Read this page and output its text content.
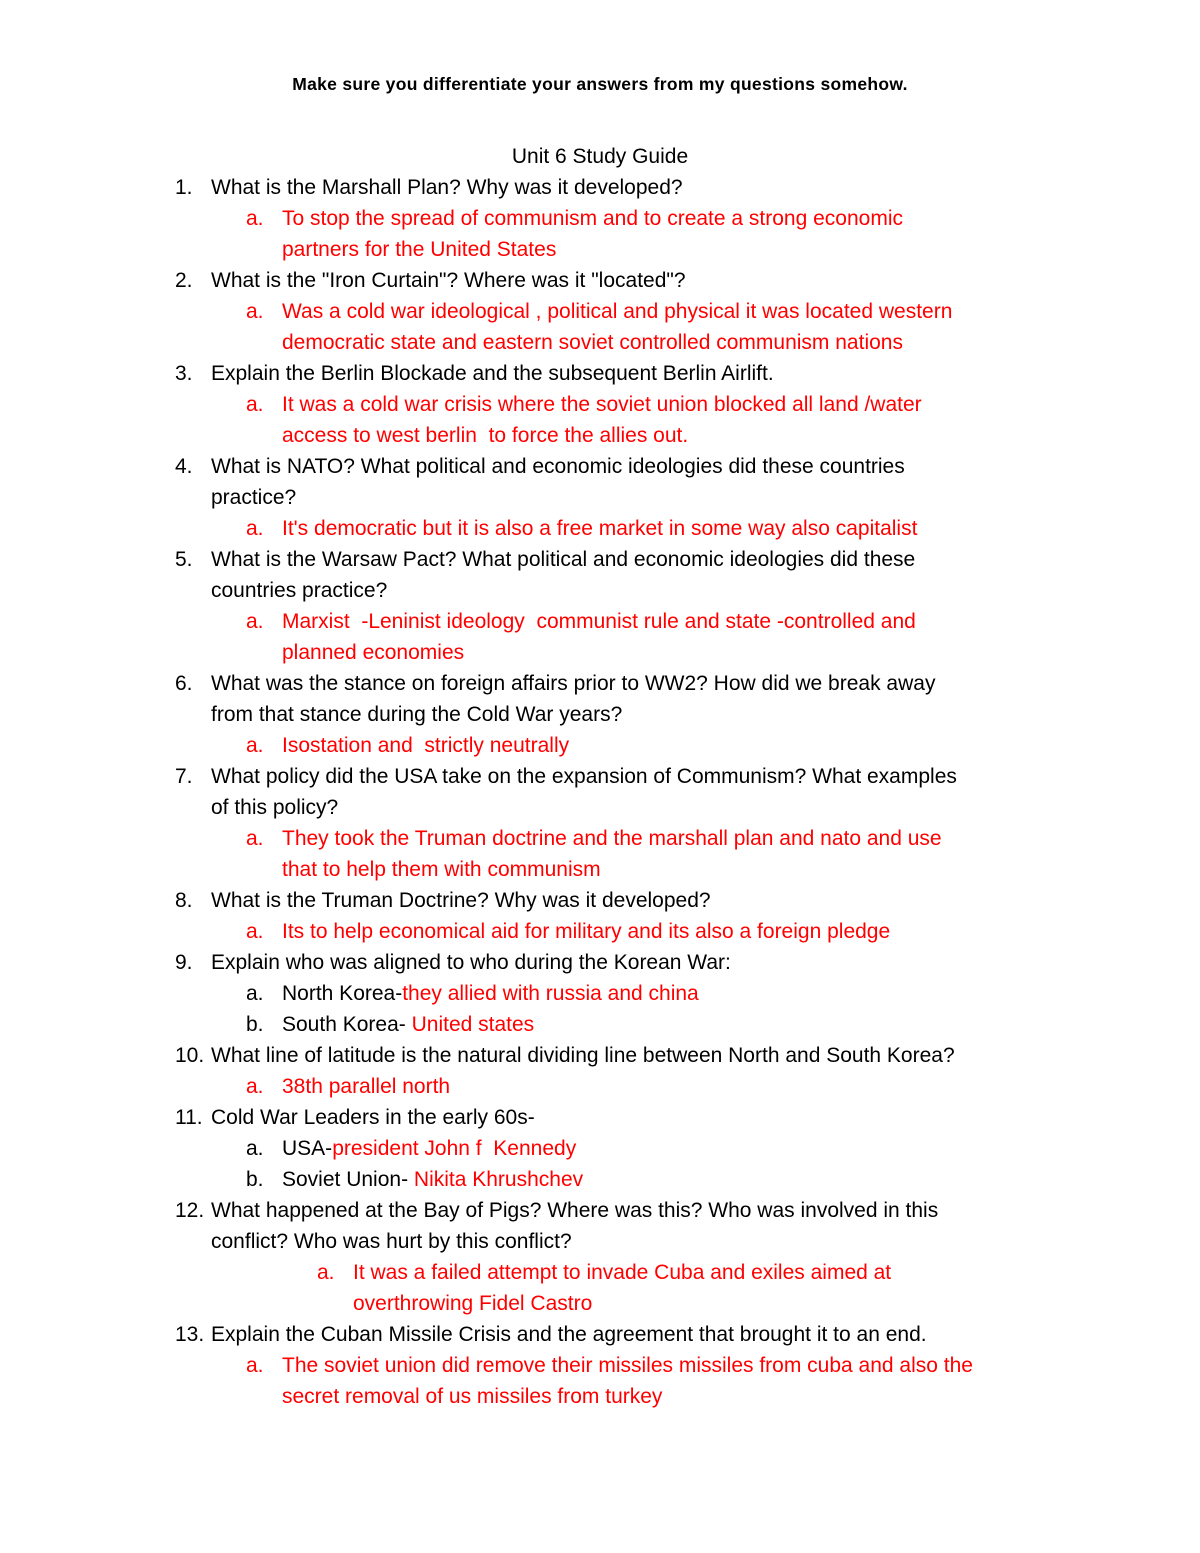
Make sure you differentiate your answers from my questions somehow.
Unit 6 Study Guide
1. What is the Marshall Plan? Why was it developed?
a. To stop the spread of communism and to create a strong economic
partners for the United States
2. What is the "Iron Curtain"? Where was it "located"?
a. Was a cold war ideological , political and physical it was located western
democratic state and eastern soviet controlled communism nations
3. Explain the Berlin Blockade and the subsequent Berlin Airlift.
a. It was a cold war crisis where the soviet union blocked all land /water
access to west berlin  to force the allies out.
4. What is NATO? What political and economic ideologies did these countries
practice?
a. It's democratic but it is also a free market in some way also capitalist
5. What is the Warsaw Pact? What political and economic ideologies did these
countries practice?
a. Marxist  -Leninist ideology  communist rule and state -controlled and
planned economies
6. What was the stance on foreign affairs prior to WW2? How did we break away
from that stance during the Cold War years?
a. Isostation and  strictly neutrally
7. What policy did the USA take on the expansion of Communism? What examples
of this policy?
a. They took the Truman doctrine and the marshall plan and nato and use
that to help them with communism
8. What is the Truman Doctrine? Why was it developed?
a. Its to help economical aid for military and its also a foreign pledge
9. Explain who was aligned to who during the Korean War:
a. North Korea-they allied with russia and china
b. South Korea- United states
10. What line of latitude is the natural dividing line between North and South Korea?
a. 38th parallel north
11. Cold War Leaders in the early 60s-
a. USA-president John f  Kennedy
b. Soviet Union- Nikita Khrushchev
12. What happened at the Bay of Pigs? Where was this? Who was involved in this
conflict? Who was hurt by this conflict?
a. It was a failed attempt to invade Cuba and exiles aimed at
overthrowing Fidel Castro
13. Explain the Cuban Missile Crisis and the agreement that brought it to an end.
a. The soviet union did remove their missiles missiles from cuba and also the
secret removal of us missiles from turkey
